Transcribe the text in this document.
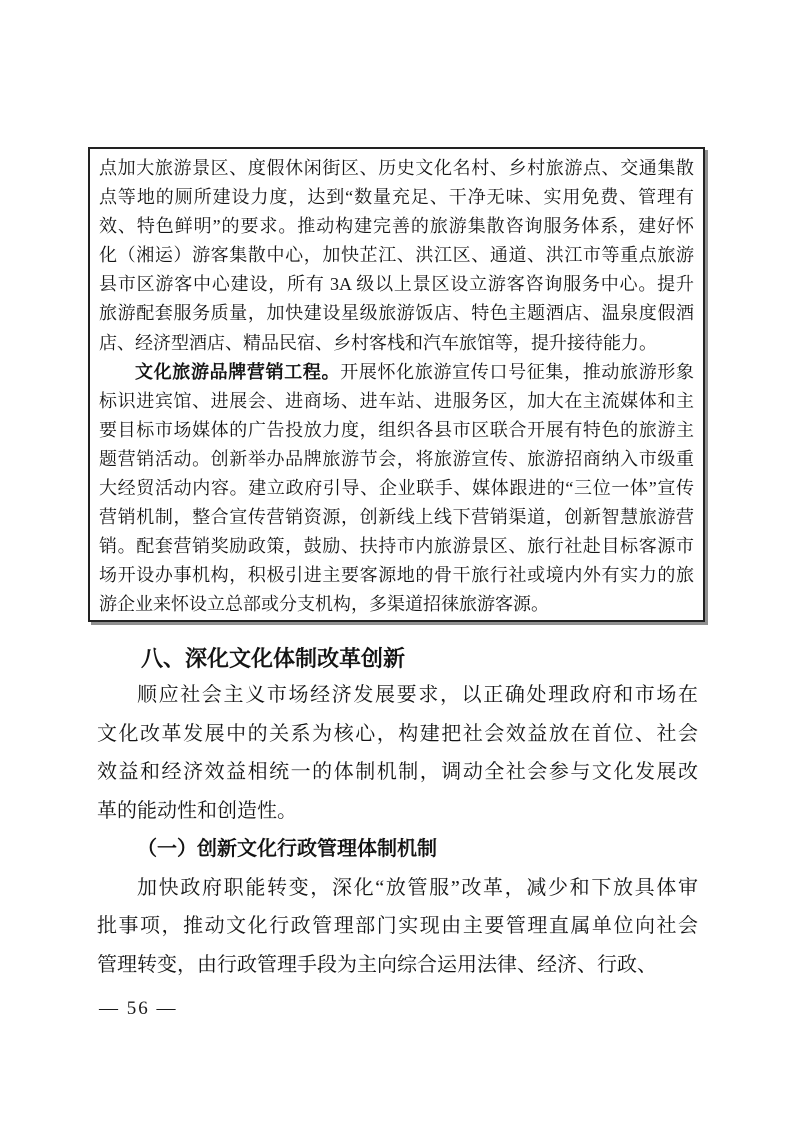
点加大旅游景区、度假休闲街区、历史文化名村、乡村旅游点、交通集散
点等地的厕所建设力度，达到“数量充足、干净无味、实用免费、管理有
效、特色鲜明”的要求。推动构建完善的旅游集散咨询服务体系，建好怀
化（湘运）游客集散中心，加快芷江、洪江区、通道、洪江市等重点旅游
县市区游客中心建设，所有 3A 级以上景区设立游客咨询服务中心。提升
旅游配套服务质量，加快建设星级旅游饭店、特色主题酒店、温泉度假酒
店、经济型酒店、精品民宿、乡村客栈和汽车旅馆等，提升接待能力。
文化旅游品牌营销工程。开展怀化旅游宣传口号征集，推动旅游形象
标识进宾馆、进展会、进商场、进车站、进服务区，加大在主流媒体和主
要目标市场媒体的广告投放力度，组织各县市区联合开展有特色的旅游主
题营销活动。创新举办品牌旅游节会，将旅游宣传、旅游招商纳入市级重
大经贸活动内容。建立政府引导、企业联手、媒体跟进的“三位一体”宣传
营销机制，整合宣传营销资源，创新线上线下营销渠道，创新智慧旅游营
销。配套营销奖励政策，鼓励、扶持市内旅游景区、旅行社赴目标客源市
场开设办事机构，积极引进主要客源地的骨干旅行社或境内外有实力的旅
游企业来怀设立总部或分支机构，多渠道招徕旅游客源。
八、深化文化体制改革创新
顺应社会主义市场经济发展要求，以正确处理政府和市场在
文化改革发展中的关系为核心，构建把社会效益放在首位、社会
效益和经济效益相统一的体制机制，调动全社会参与文化发展改
革的能动性和创造性。
（一）创新文化行政管理体制机制
加快政府职能转变，深化“放管服”改革，减少和下放具体审
批事项，推动文化行政管理部门实现由主要管理直属单位向社会
管理转变，由行政管理手段为主向综合运用法律、经济、行政、
— 56 —
